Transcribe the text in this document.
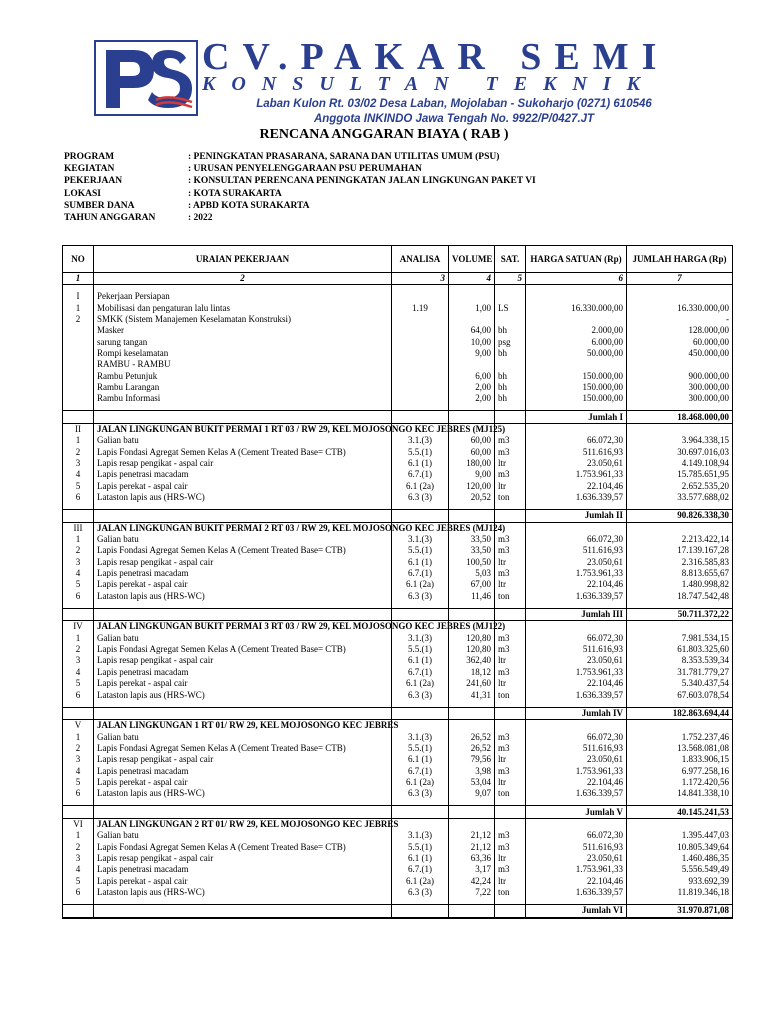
CV.PAKAR SEMI
KONSULTAN TEKNIK
Laban Kulon Rt. 03/02 Desa Laban, Mojolaban - Sukoharjo (0271) 610546
Anggota INKINDO Jawa Tengah No. 9922/P/0427.JT
RENCANA ANGGARAN BIAYA ( RAB )
PROGRAM	: PENINGKATAN PRASARANA, SARANA DAN UTILITAS UMUM (PSU)
KEGIATAN	: URUSAN PENYELENGGARAAN PSU PERUMAHAN
PEKERJAAN	: KONSULTAN PERENCANA PENINGKATAN JALAN LINGKUNGAN PAKET VI
LOKASI	: KOTA SURAKARTA
SUMBER DANA	: APBD KOTA SURAKARTA
TAHUN ANGGARAN	: 2022
NO	URAIAN PEKERJAAN	ANALISA	VOLUME	SAT.	HARGA SATUAN (Rp)	JUMLAH HARGA (Rp)
1	2	3	4	5	6	7

I	Pekerjaan Persiapan					
1	Mobilisasi dan pengaturan lalu lintas	1.19	1,00	LS	16.330.000,00	16.330.000,00
2	SMKK (Sistem Manajemen Keselamatan Konstruksi)					-
	Masker		64,00	bh	2.000,00	128.000,00
	sarung tangan		10,00	psg	6.000,00	60.000,00
	Rompi keselamatan		9,00	bh	50.000,00	450.000,00
	RAMBU - RAMBU					
	Rambu Petunjuk		6,00	bh	150.000,00	900.000,00
	Rambu Larangan		2,00	bh	150.000,00	300.000,00
	Rambu Informasi		2,00	bh	150.000,00	300.000,00

					Jumlah I	18.468.000,00
II	JALAN LINGKUNGAN BUKIT PERMAI 1 RT 03 / RW 29, KEL MOJOSONGO KEC JEBRES (MJ125)					
1	Galian batu	3.1.(3)	60,00	m3	66.072,30	3.964.338,15
2	Lapis Fondasi Agregat Semen Kelas A (Cement Treated Base= CTB)	5.5.(1)	60,00	m3	511.616,93	30.697.016,03
3	Lapis resap pengikat - aspal cair	6.1 (1)	180,00	ltr	23.050,61	4.149.108,94
4	Lapis penetrasi macadam	6.7.(1)	9,00	m3	1.753.961,33	15.785.651,95
5	Lapis perekat - aspal cair	6.1 (2a)	120,00	ltr	22.104,46	2.652.535,20
6	Lataston lapis aus (HRS-WC)	6.3 (3)	20,52	ton	1.636.339,57	33.577.688,02

					Jumlah II	90.826.338,30
III	JALAN LINGKUNGAN BUKIT PERMAI 2 RT 03 / RW 29, KEL MOJOSONGO KEC JEBRES (MJ124)					
1	Galian batu	3.1.(3)	33,50	m3	66.072,30	2.213.422,14
2	Lapis Fondasi Agregat Semen Kelas A (Cement Treated Base= CTB)	5.5.(1)	33,50	m3	511.616,93	17.139.167,28
3	Lapis resap pengikat - aspal cair	6.1 (1)	100,50	ltr	23.050,61	2.316.585,83
4	Lapis penetrasi macadam	6.7.(1)	5,03	m3	1.753.961,33	8.813.655,67
5	Lapis perekat - aspal cair	6.1 (2a)	67,00	ltr	22.104,46	1.480.998,82
6	Lataston lapis aus (HRS-WC)	6.3 (3)	11,46	ton	1.636.339,57	18.747.542,48

					Jumlah III	50.711.372,22
IV	JALAN LINGKUNGAN BUKIT PERMAI 3 RT 03 / RW 29, KEL MOJOSONGO KEC JEBRES (MJ122)					
1	Galian batu	3.1.(3)	120,80	m3	66.072,30	7.981.534,15
2	Lapis Fondasi Agregat Semen Kelas A (Cement Treated Base= CTB)	5.5.(1)	120,80	m3	511.616,93	61.803.325,60
3	Lapis resap pengikat - aspal cair	6.1 (1)	362,40	ltr	23.050,61	8.353.539,34
4	Lapis penetrasi macadam	6.7.(1)	18,12	m3	1.753.961,33	31.781.779,27
5	Lapis perekat - aspal cair	6.1 (2a)	241,60	ltr	22.104,46	5.340.437,54
6	Lataston lapis aus (HRS-WC)	6.3 (3)	41,31	ton	1.636.339,57	67.603.078,54

					Jumlah IV	182.863.694,44
V	JALAN LINGKUNGAN 1 RT 01/ RW 29, KEL MOJOSONGO KEC JEBRES					
1	Galian batu	3.1.(3)	26,52	m3	66.072,30	1.752.237,46
2	Lapis Fondasi Agregat Semen Kelas A (Cement Treated Base= CTB)	5.5.(1)	26,52	m3	511.616,93	13.568.081,08
3	Lapis resap pengikat - aspal cair	6.1 (1)	79,56	ltr	23.050,61	1.833.906,15
4	Lapis penetrasi macadam	6.7.(1)	3,98	m3	1.753.961,33	6.977.258,16
5	Lapis perekat - aspal cair	6.1 (2a)	53,04	ltr	22.104,46	1.172.420,56
6	Lataston lapis aus (HRS-WC)	6.3 (3)	9,07	ton	1.636.339,57	14.841.338,10

					Jumlah V	40.145.241,53
VI	JALAN LINGKUNGAN 2 RT 01/ RW 29, KEL MOJOSONGO KEC JEBRES					
1	Galian batu	3.1.(3)	21,12	m3	66.072,30	1.395.447,03
2	Lapis Fondasi Agregat Semen Kelas A (Cement Treated Base= CTB)	5.5.(1)	21,12	m3	511.616,93	10.805.349,64
3	Lapis resap pengikat - aspal cair	6.1 (1)	63,36	ltr	23.050,61	1.460.486,35
4	Lapis penetrasi macadam	6.7.(1)	3,17	m3	1.753.961,33	5.556.549,49
5	Lapis perekat - aspal cair	6.1 (2a)	42,24	ltr	22.104,46	933.692,39
6	Lataston lapis aus (HRS-WC)	6.3 (3)	7,22	ton	1.636.339,57	11.819.346,18

					Jumlah VI	31.970.871,08
